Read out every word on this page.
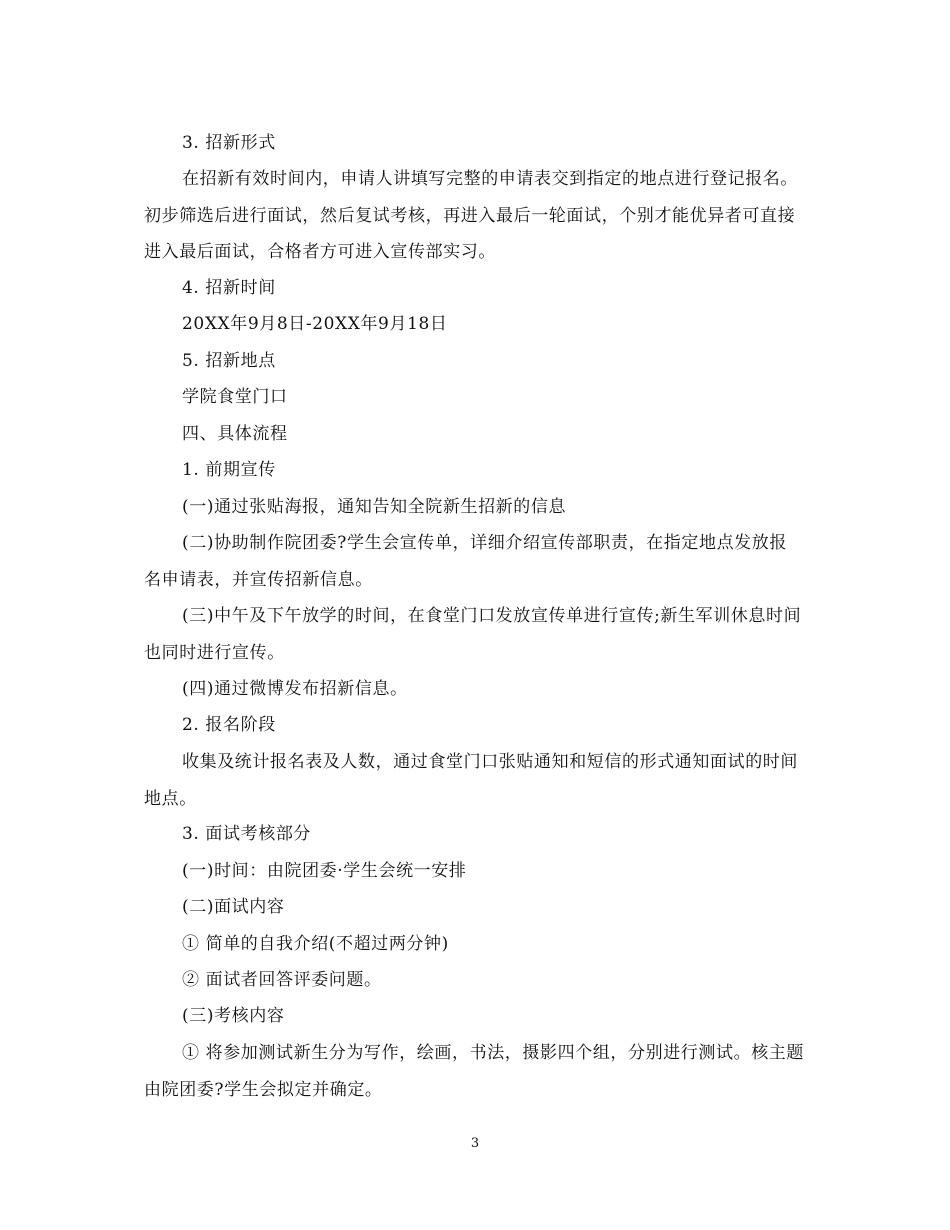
3. 招新形式

在招新有效时间内，申请人讲填写完整的申请表交到指定的地点进行登记报名。初步筛选后进行面试，然后复试考核，再进入最后一轮面试，个别才能优异者可直接进入最后面试，合格者方可进入宣传部实习。

4. 招新时间

20XX年9月8日-20XX年9月18日

5. 招新地点

学院食堂门口

四、具体流程

1. 前期宣传

(一)通过张贴海报，通知告知全院新生招新的信息

(二)协助制作院团委?学生会宣传单，详细介绍宣传部职责，在指定地点发放报名申请表，并宣传招新信息。

(三)中午及下午放学的时间，在食堂门口发放宣传单进行宣传;新生军训休息时间也同时进行宣传。

(四)通过微博发布招新信息。

2. 报名阶段

收集及统计报名表及人数，通过食堂门口张贴通知和短信的形式通知面试的时间地点。

3. 面试考核部分

(一)时间：由院团委·学生会统一安排

(二)面试内容

① 简单的自我介绍(不超过两分钟)

② 面试者回答评委问题。

(三)考核内容

① 将参加测试新生分为写作，绘画，书法，摄影四个组，分别进行测试。核主题由院团委?学生会拟定并确定。

3
